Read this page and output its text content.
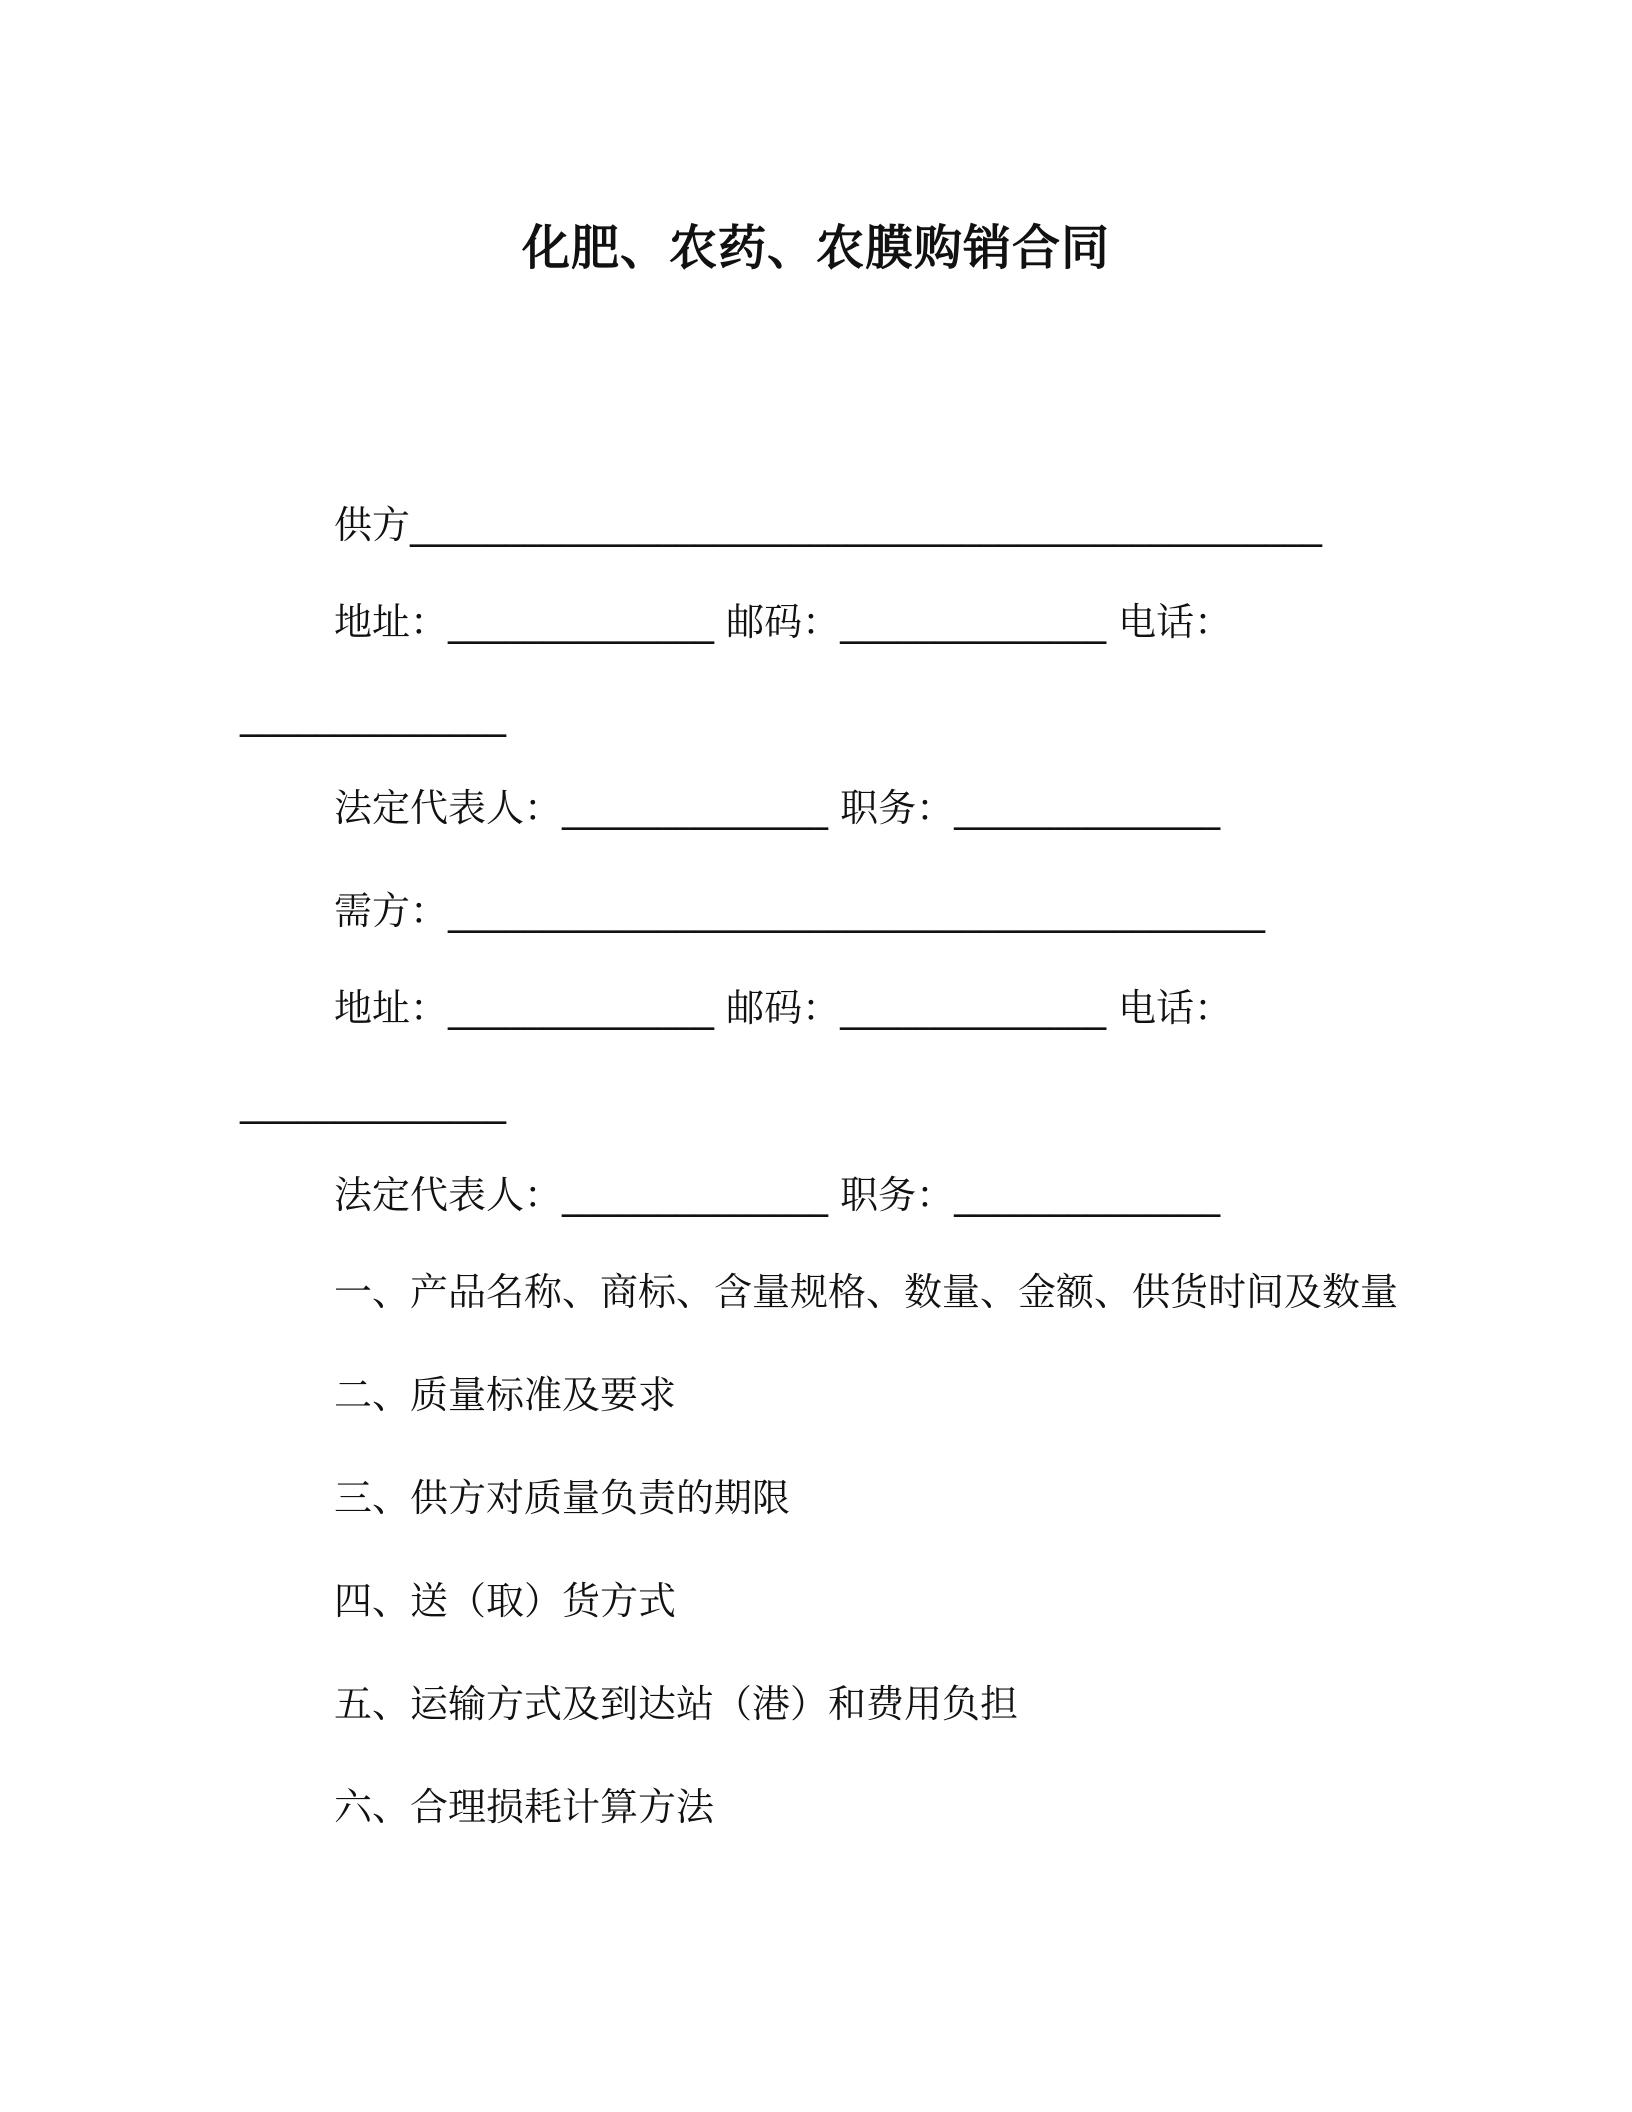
化肥、农药、农膜购销合同
供方________________________________________________
地址：______________ 邮码：______________ 电话：
______________
法定代表人：______________ 职务：______________
需方：___________________________________________
地址：______________ 邮码：______________ 电话：
______________
法定代表人：______________ 职务：______________
一、产品名称、商标、含量规格、数量、金额、供货时间及数量
二、质量标准及要求
三、供方对质量负责的期限
四、送（取）货方式
五、运输方式及到达站（港）和费用负担
六、合理损耗计算方法
